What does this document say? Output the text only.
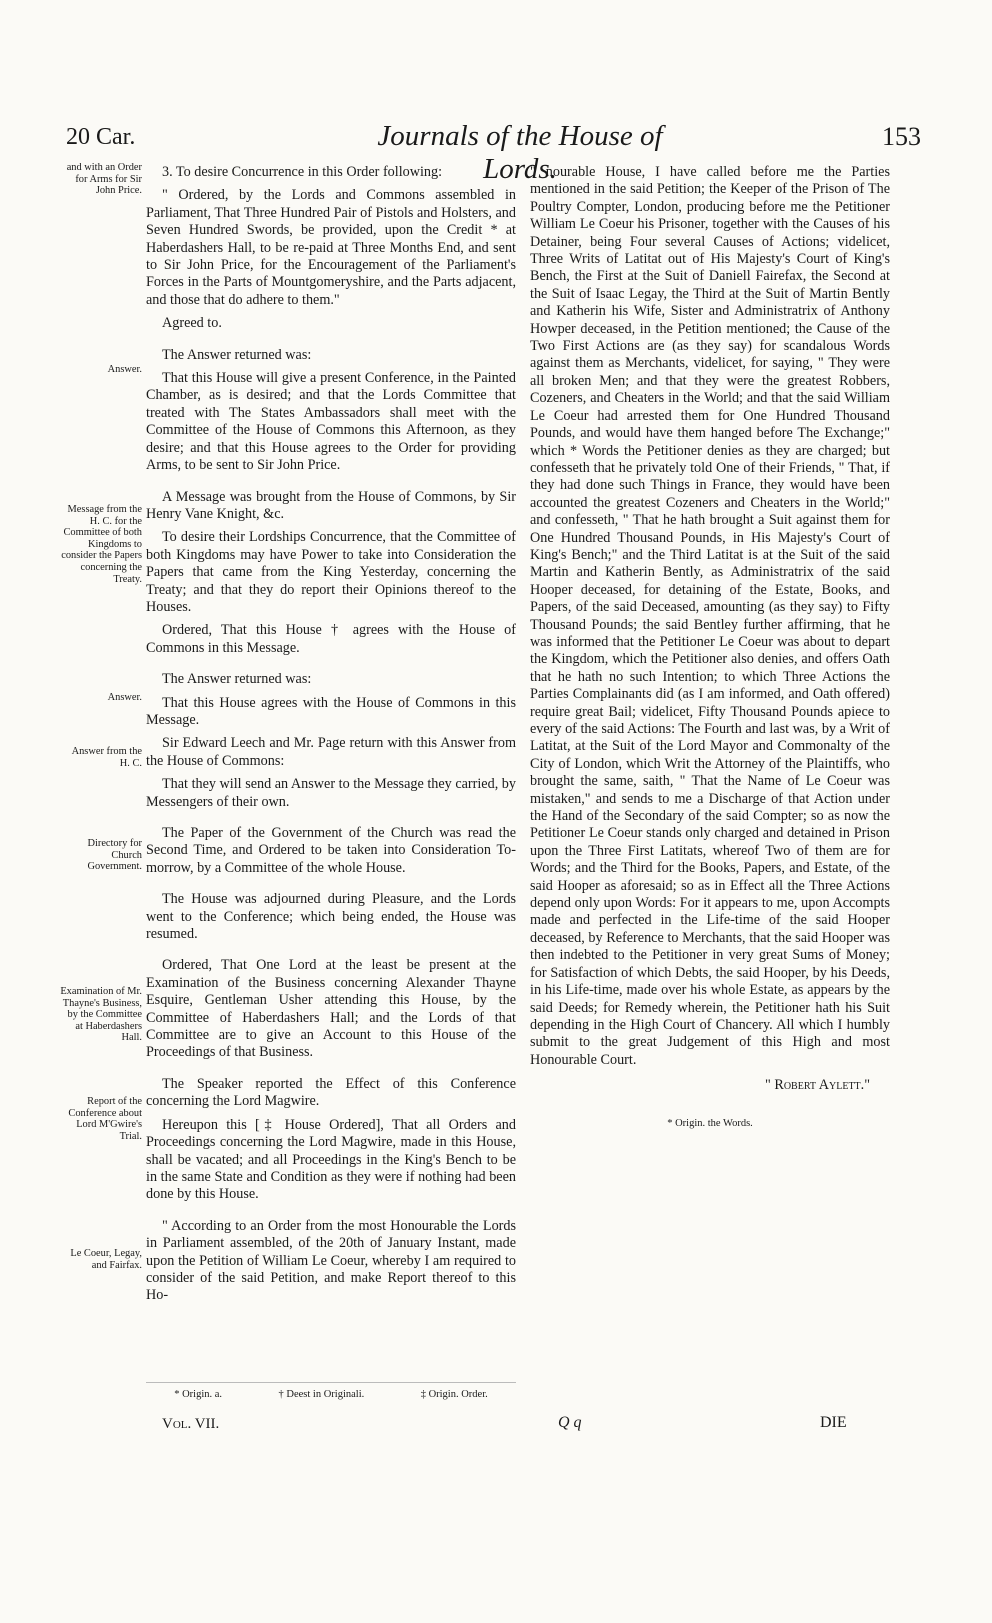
20 Car.	Journals of the House of Lords.
153
and with an Order for Arms for Sir John Price.
Answer.
Message from the H. C. for the Committee of both Kingdoms to consider the Papers concerning the Treaty.
Answer.
Answer from the H. C.
Directory for Church Government.
Examination of Mr. Thayne's Business, by the Committee at Haberdashers Hall.
Report of the Conference about Lord M'Gwire's Trial.
Le Coeur, Legay, and Fairfax.

3. To desire Concurrence in this Order following:

" Ordered, by the Lords and Commons assembled in Parliament, That Three Hundred Pair of Pistols and Holsters, and Seven Hundred Swords, be provided, upon the Credit * at Haberdashers Hall, to be re-paid at Three Months End, and sent to Sir John Price, for the Encouragement of the Parliament's Forces in the Parts of Mountgomeryshire, and the Parts adjacent, and those that do adhere to them."

Agreed to.

The Answer returned was:

That this House will give a present Conference, in the Painted Chamber, as is desired; and that the Lords Committee that treated with The States Ambassadors shall meet with the Committee of the House of Commons this Afternoon, as they desire; and that this House agrees to the Order for providing Arms, to be sent to Sir John Price.

A Message was brought from the House of Commons, by Sir Henry Vane Knight, &c.

To desire their Lordships Concurrence, that the Committee of both Kingdoms may have Power to take into Consideration the Papers that came from the King Yesterday, concerning the Treaty; and that they do report their Opinions thereof to the Houses.

Ordered, That this House † agrees with the House of Commons in this Message.

The Answer returned was:

That this House agrees with the House of Commons in this Message.

Sir Edward Leech and Mr. Page return with this Answer from the House of Commons:

That they will send an Answer to the Message they carried, by Messengers of their own.

The Paper of the Government of the Church was read the Second Time, and Ordered to be taken into Consideration To-morrow, by a Committee of the whole House.

The House was adjourned during Pleasure, and the Lords went to the Conference; which being ended, the House was resumed.

Ordered, That One Lord at the least be present at the Examination of the Business concerning Alexander Thayne Esquire, Gentleman Usher attending this House, by the Committee of Haberdashers Hall; and the Lords of that Committee are to give an Account to this House of the Proceedings of that Business.

The Speaker reported the Effect of this Conference concerning the Lord Magwire.

Hereupon this [‡ House Ordered], That all Orders and Proceedings concerning the Lord Magwire, made in this House, shall be vacated; and all Proceedings in the King's Bench to be in the same State and Condition as they were if nothing had been done by this House.

" According to an Order from the most Honourable the Lords in Parliament assembled, of the 20th of January Instant, made upon the Petition of William Le Coeur, whereby I am required to consider of the said Petition, and make Report thereof to this Ho-

" nourable House, I have called before me the Parties mentioned in the said Petition; the Keeper of the Prison of The Poultry Compter, London, producing before me the Petitioner William Le Coeur his Prisoner, together with the Causes of his Detainer, being Four several Causes of Actions; videlicet, Three Writs of Latitat out of His Majesty's Court of King's Bench, the First at the Suit of Daniell Fairefax, the Second at the Suit of Isaac Legay, the Third at the Suit of Martin Bently and Katherin his Wife, Sister and Administratrix of Anthony Howper deceased, in the Petition mentioned; the Cause of the Two First Actions are (as they say) for scandalous Words against them as Merchants, videlicet, for saying, " They were all broken Men; and that they were the greatest Robbers, Cozeners, and Cheaters in the World; and that the said William Le Coeur had arrested them for One Hundred Thousand Pounds, and would have them hanged before The Exchange;" which * Words the Petitioner denies as they are charged; but confesseth that he privately told One of their Friends, " That, if they had done such Things in France, they would have been accounted the greatest Cozeners and Cheaters in the World;" and confesseth, " That he hath brought a Suit against them for One Hundred Thousand Pounds, in His Majesty's Court of King's Bench;" and the Third Latitat is at the Suit of the said Martin and Katherin Bently, as Administratrix of the said Hooper deceased, for detaining of the Estate, Books, and Papers, of the said Deceased, amounting (as they say) to Fifty Thousand Pounds; the said Bentley further affirming, that he was informed that the Petitioner Le Coeur was about to depart the Kingdom, which the Petitioner also denies, and offers Oath that he hath no such Intention; to which Three Actions the Parties Complainants did (as I am informed, and Oath offered) require great Bail; videlicet, Fifty Thousand Pounds apiece to every of the said Actions: The Fourth and last was, by a Writ of Latitat, at the Suit of the Lord Mayor and Commonalty of the City of London, which Writ the Attorney of the Plaintiffs, who brought the same, saith, " That the Name of Le Coeur was mistaken," and sends to me a Discharge of that Action under the Hand of the Secondary of the said Compter; so as now the Petitioner Le Coeur stands only charged and detained in Prison upon the Three First Latitats, whereof Two of them are for Words; and the Third for the Books, Papers, and Estate, of the said Hooper as aforesaid; so as in Effect all the Three Actions depend only upon Words: For it appears to me, upon Accompts made and perfected in the Life-time of the said Hooper deceased, by Reference to Merchants, that the said Hooper was then indebted to the Petitioner in very great Sums of Money; for Satisfaction of which Debts, the said Hooper, by his Deeds, in his Life-time, made over his whole Estate, as appears by the said Deeds; for Remedy wherein, the Petitioner hath his Suit depending in the High Court of Chancery. All which I humbly submit to the great Judgement of this High and most Honourable Court.

" Robert Aylett."

* Origin. the Words.

* Origin. a.	† Deest in Originali.	‡ Origin. Order.
Vol. VII.	Q q	DIE
